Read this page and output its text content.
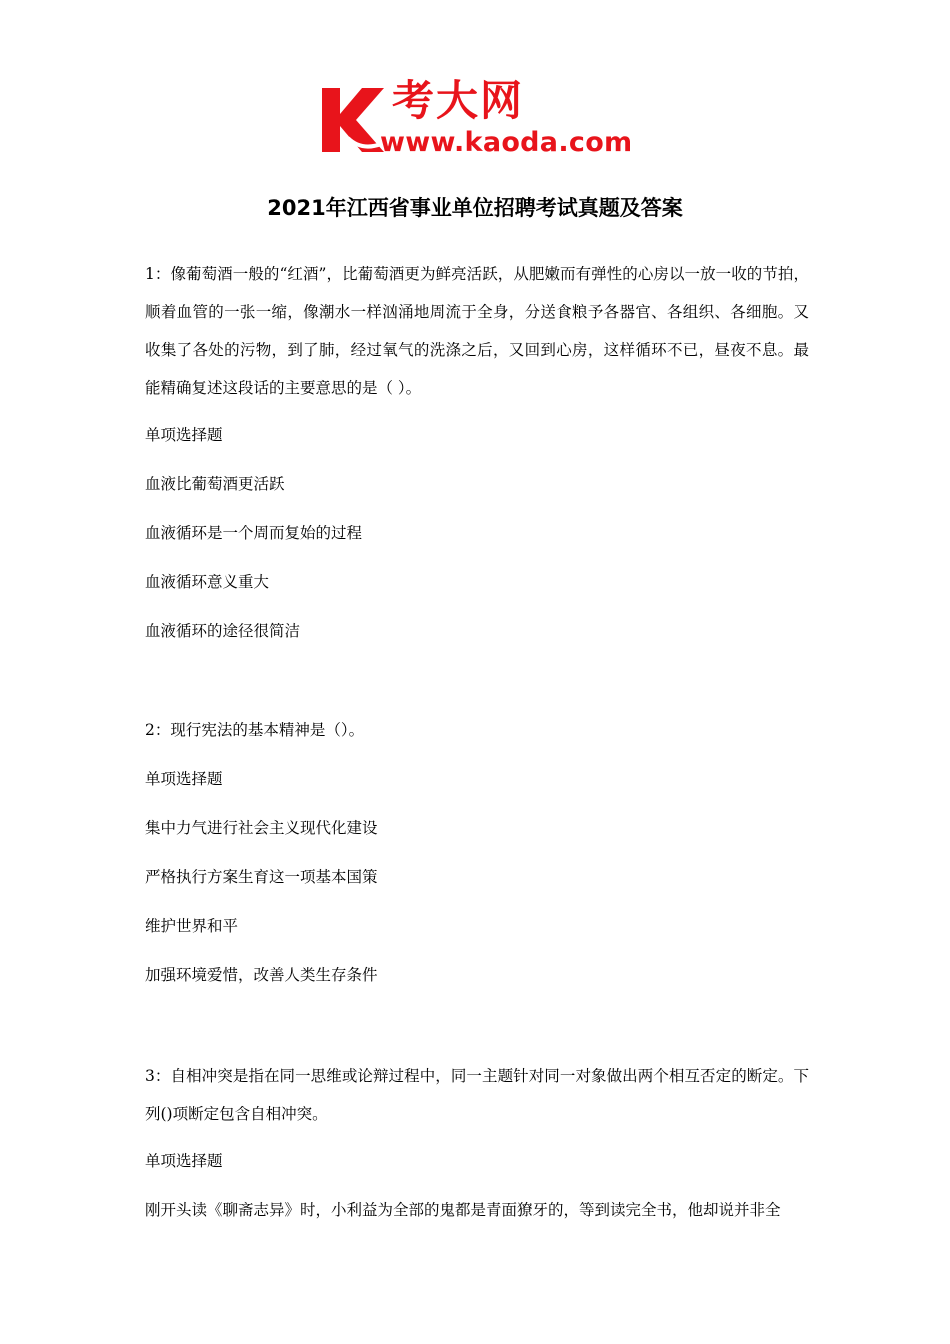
考大网
www.kaoda.com
2021年江西省事业单位招聘考试真题及答案

1：像葡萄酒一般的“红酒”，比葡萄酒更为鲜亮活跃，从肥嫩而有弹性的心房以一放一收的节拍，顺着血管的一张一缩，像潮水一样汹涌地周流于全身，分送食粮予各器官、各组织、各细胞。又收集了各处的污物，到了肺，经过氧气的洗涤之后，又回到心房，这样循环不已，昼夜不息。最能精确复述这段话的主要意思的是（ ）。

单项选择题

血液比葡萄酒更活跃

血液循环是一个周而复始的过程

血液循环意义重大

血液循环的途径很简洁

2：现行宪法的基本精神是（）。

单项选择题

集中力气进行社会主义现代化建设

严格执行方案生育这一项基本国策

维护世界和平

加强环境爱惜，改善人类生存条件

3：自相冲突是指在同一思维或论辩过程中，同一主题针对同一对象做出两个相互否定的断定。下列()项断定包含自相冲突。

单项选择题

刚开头读《聊斋志异》时，小利益为全部的鬼都是青面獠牙的，等到读完全书，他却说并非全
